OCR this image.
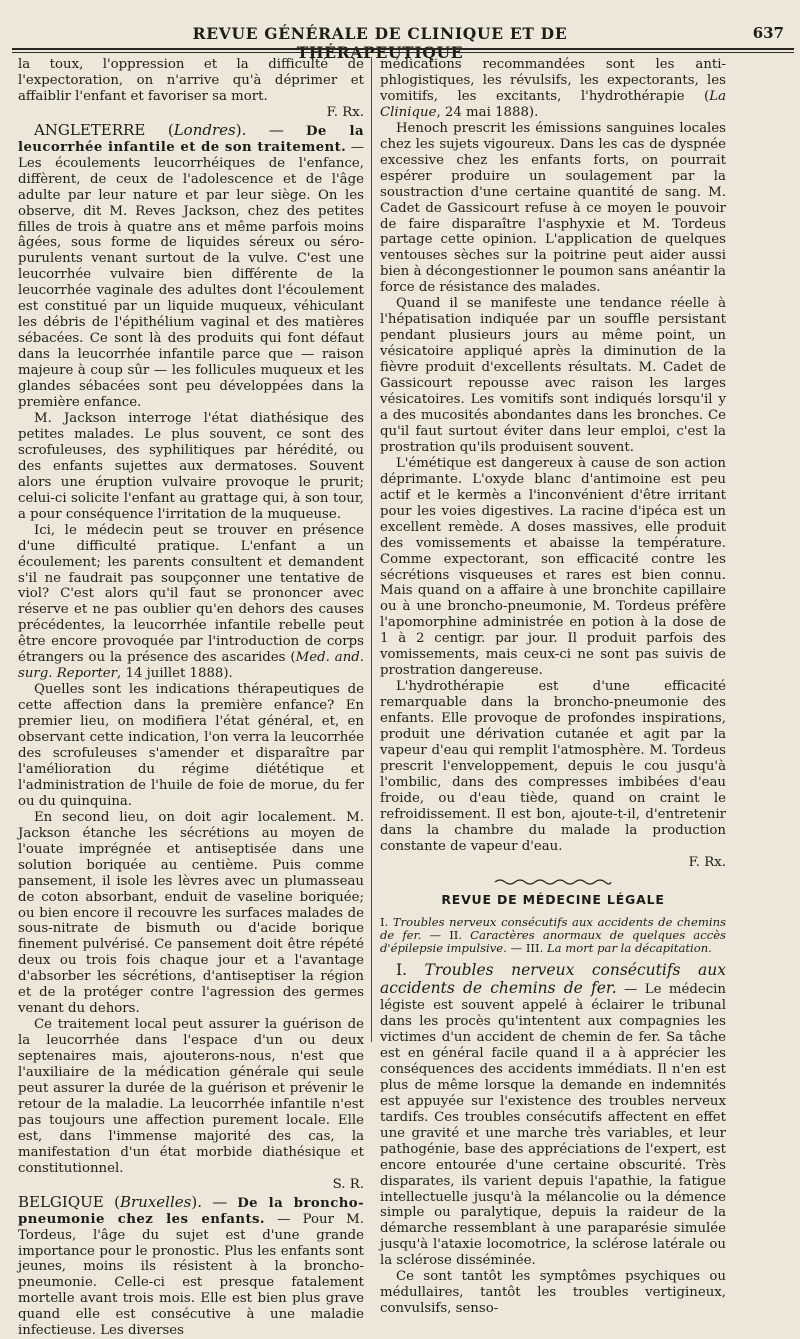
REVUE GÉNÉRALE DE CLINIQUE ET DE THÉRAPEUTIQUE
637

la toux, l'oppression et la difficulté de l'expectoration, on n'arrive qu'à déprimer et affaiblir l'enfant et favoriser sa mort.

F. Rx.

ANGLETERRE (Londres). — De la leucorrhée infantile et de son traitement. — Les écoulements leucorrhéiques de l'enfance, diffèrent, de ceux de l'adolescence et de l'âge adulte par leur nature et par leur siège. On les observe, dit M. Reves Jackson, chez des petites filles de trois à quatre ans et même parfois moins âgées, sous forme de liquides séreux ou séro-purulents venant surtout de la vulve. C'est une leucorrhée vulvaire bien différente de la leucorrhée vaginale des adultes dont l'écoulement est constitué par un liquide muqueux, véhiculant les débris de l'épithélium vaginal et des matières sébacées. Ce sont là des produits qui font défaut dans la leucorrhée infantile parce que — raison majeure à coup sûr — les follicules muqueux et les glandes sébacées sont peu développées dans la première enfance.

M. Jackson interroge l'état diathésique des petites malades. Le plus souvent, ce sont des scrofuleuses, des syphilitiques par hérédité, ou des enfants sujettes aux dermatoses. Souvent alors une éruption vulvaire provoque le prurit; celui-ci solicite l'enfant au grattage qui, à son tour, a pour conséquence l'irritation de la muqueuse.

Ici, le médecin peut se trouver en présence d'une difficulté pratique. L'enfant a un écoulement; les parents consultent et demandent s'il ne faudrait pas soupçonner une tentative de viol? C'est alors qu'il faut se prononcer avec réserve et ne pas oublier qu'en dehors des causes précédentes, la leucorrhée infantile rebelle peut être encore provoquée par l'introduction de corps étrangers ou la présence des ascarides (Med. and. surg. Reporter, 14 juillet 1888).

Quelles sont les indications thérapeutiques de cette affection dans la première enfance? En premier lieu, on modifiera l'état général, et, en observant cette indication, l'on verra la leucorrhée des scrofuleuses s'amender et disparaître par l'amélioration du régime diététique et l'administration de l'huile de foie de morue, du fer ou du quinquina.

En second lieu, on doit agir localement. M. Jackson étanche les sécrétions au moyen de l'ouate imprégnée et antiseptisée dans une solution boriquée au centième. Puis comme pansement, il isole les lèvres avec un plumasseau de coton absorbant, enduit de vaseline boriquée; ou bien encore il recouvre les surfaces malades de sous-nitrate de bismuth ou d'acide borique finement pulvérisé. Ce pansement doit être répété deux ou trois fois chaque jour et a l'avantage d'absorber les sécrétions, d'antiseptiser la région et de la protéger contre l'agression des germes venant du dehors.

Ce traitement local peut assurer la guérison de la leucorrhée dans l'espace d'un ou deux septenaires mais, ajouterons-nous, n'est que l'auxiliaire de la médication générale qui seule peut assurer la durée de la guérison et prévenir le retour de la maladie. La leucorrhée infantile n'est pas toujours une affection purement locale. Elle est, dans l'immense majorité des cas, la manifestation d'un état morbide diathésique et constitutionnel.

S. R.

BELGIQUE (Bruxelles). — De la broncho-pneumonie chez les enfants. — Pour M. Tordeus, l'âge du sujet est d'une grande importance pour le pronostic. Plus les enfants sont jeunes, moins ils résistent à la broncho-pneumonie. Celle-ci est presque fatalement mortelle avant trois mois. Elle est bien plus grave quand elle est consécutive à une maladie infectieuse. Les diverses

médications recommandées sont les anti-phlogistiques, les révulsifs, les expectorants, les vomitifs, les excitants, l'hydrothérapie (La Clinique, 24 mai 1888).

Henoch prescrit les émissions sanguines locales chez les sujets vigoureux. Dans les cas de dyspnée excessive chez les enfants forts, on pourrait espérer produire un soulagement par la soustraction d'une certaine quantité de sang. M. Cadet de Gassicourt refuse à ce moyen le pouvoir de faire disparaître l'asphyxie et M. Tordeus partage cette opinion. L'application de quelques ventouses sèches sur la poitrine peut aider aussi bien à décongestionner le poumon sans anéantir la force de résistance des malades.

Quand il se manifeste une tendance réelle à l'hépatisation indiquée par un souffle persistant pendant plusieurs jours au même point, un vésicatoire appliqué après la diminution de la fièvre produit d'excellents résultats. M. Cadet de Gassicourt repousse avec raison les larges vésicatoires. Les vomitifs sont indiqués lorsqu'il y a des mucosités abondantes dans les bronches. Ce qu'il faut surtout éviter dans leur emploi, c'est la prostration qu'ils produisent souvent.

L'émétique est dangereux à cause de son action déprimante. L'oxyde blanc d'antimoine est peu actif et le kermès a l'inconvénient d'être irritant pour les voies digestives. La racine d'ipéca est un excellent remède. A doses massives, elle produit des vomissements et abaisse la température. Comme expectorant, son efficacité contre les sécrétions visqueuses et rares est bien connu. Mais quand on a affaire à une bronchite capillaire ou à une broncho-pneumonie, M. Tordeus préfère l'apomorphine administrée en potion à la dose de 1 à 2 centigr. par jour. Il produit parfois des vomissements, mais ceux-ci ne sont pas suivis de prostration dangereuse.

L'hydrothérapie est d'une efficacité remarquable dans la broncho-pneumonie des enfants. Elle provoque de profondes inspirations, produit une dérivation cutanée et agit par la vapeur d'eau qui remplit l'atmosphère. M. Tordeus prescrit l'enveloppement, depuis le cou jusqu'à l'ombilic, dans des compresses imbibées d'eau froide, ou d'eau tiède, quand on craint le refroidissement. Il est bon, ajoute-t-il, d'entretenir dans la chambre du malade la production constante de vapeur d'eau.

F. Rx.

REVUE DE MÉDECINE LÉGALE
I. Troubles nerveux consécutifs aux accidents de chemins de fer. — II. Caractères anormaux de quelques accès d'épilepsie impulsive. — III. La mort par la décapitation.

I. Troubles nerveux consécutifs aux accidents de chemins de fer. — Le médecin légiste est souvent appelé à éclairer le tribunal dans les procès qu'intentent aux compagnies les victimes d'un accident de chemin de fer. Sa tâche est en général facile quand il a à apprécier les conséquences des accidents immédiats. Il n'en est plus de même lorsque la demande en indemnités est appuyée sur l'existence des troubles nerveux tardifs. Ces troubles consécutifs affectent en effet une gravité et une marche très variables, et leur pathogénie, base des appréciations de l'expert, est encore entourée d'une certaine obscurité. Très disparates, ils varient depuis l'apathie, la fatigue intellectuelle jusqu'à la mélancolie ou la démence simple ou paralytique, depuis la raideur de la démarche ressemblant à une paraparésie simulée jusqu'à l'ataxie locomotrice, la sclérose latérale ou la sclérose disséminée.

Ce sont tantôt les symptômes psychiques ou médullaires, tantôt les troubles vertigineux, convulsifs, senso-
